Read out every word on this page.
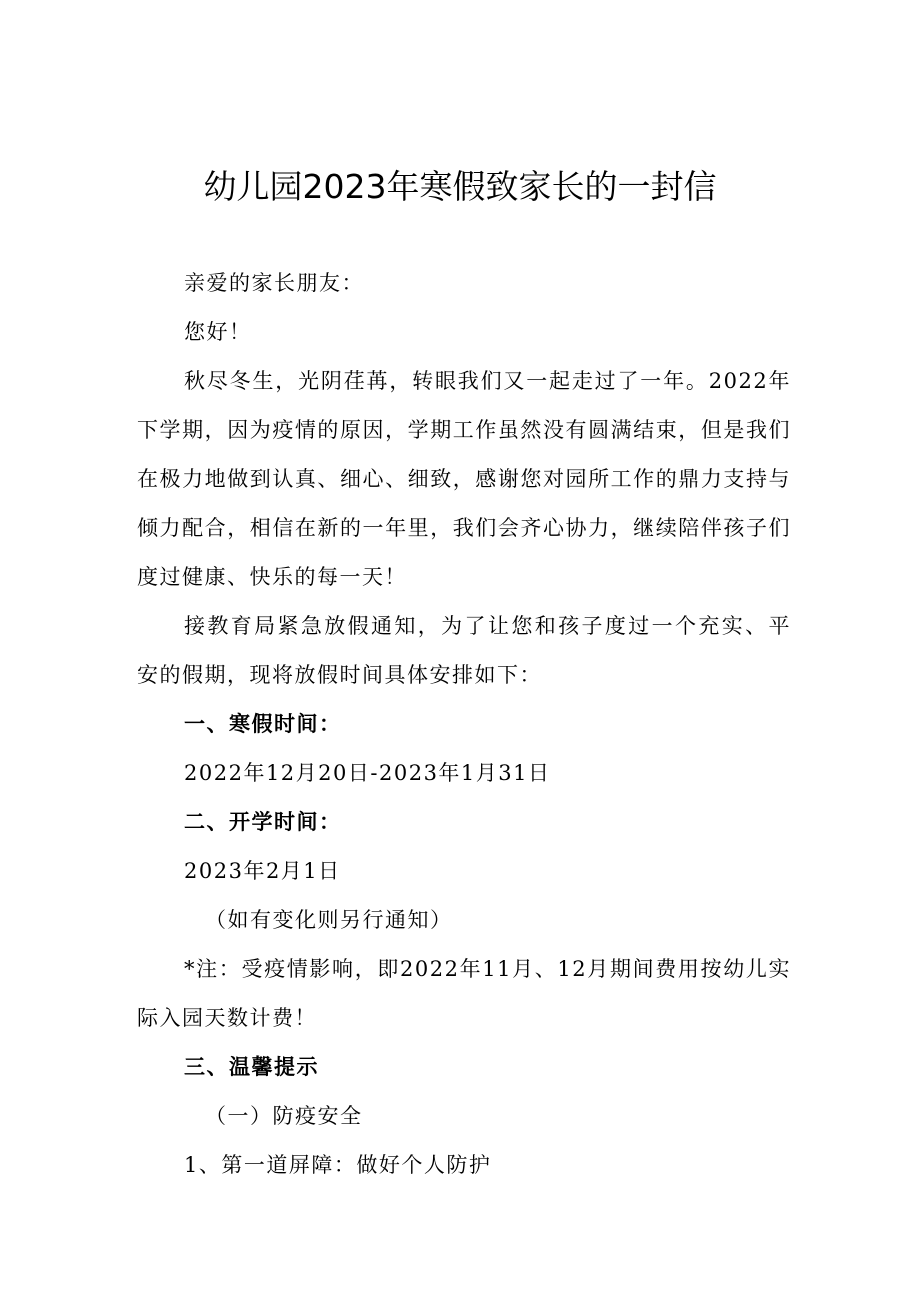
幼儿园2023年寒假致家长的一封信

亲爱的家长朋友：

您好！

秋尽冬生，光阴荏苒，转眼我们又一起走过了一年。2022年下学期，因为疫情的原因，学期工作虽然没有圆满结束，但是我们在极力地做到认真、细心、细致，感谢您对园所工作的鼎力支持与倾力配合，相信在新的一年里，我们会齐心协力，继续陪伴孩子们度过健康、快乐的每一天！

接教育局紧急放假通知，为了让您和孩子度过一个充实、平安的假期，现将放假时间具体安排如下：

一、寒假时间：

2022年12月20日-2023年1月31日

二、开学时间：

2023年2月1日

（如有变化则另行通知）

*注：受疫情影响，即2022年11月、12月期间费用按幼儿实际入园天数计费！

三、温馨提示

（一）防疫安全

1、第一道屏障：做好个人防护
